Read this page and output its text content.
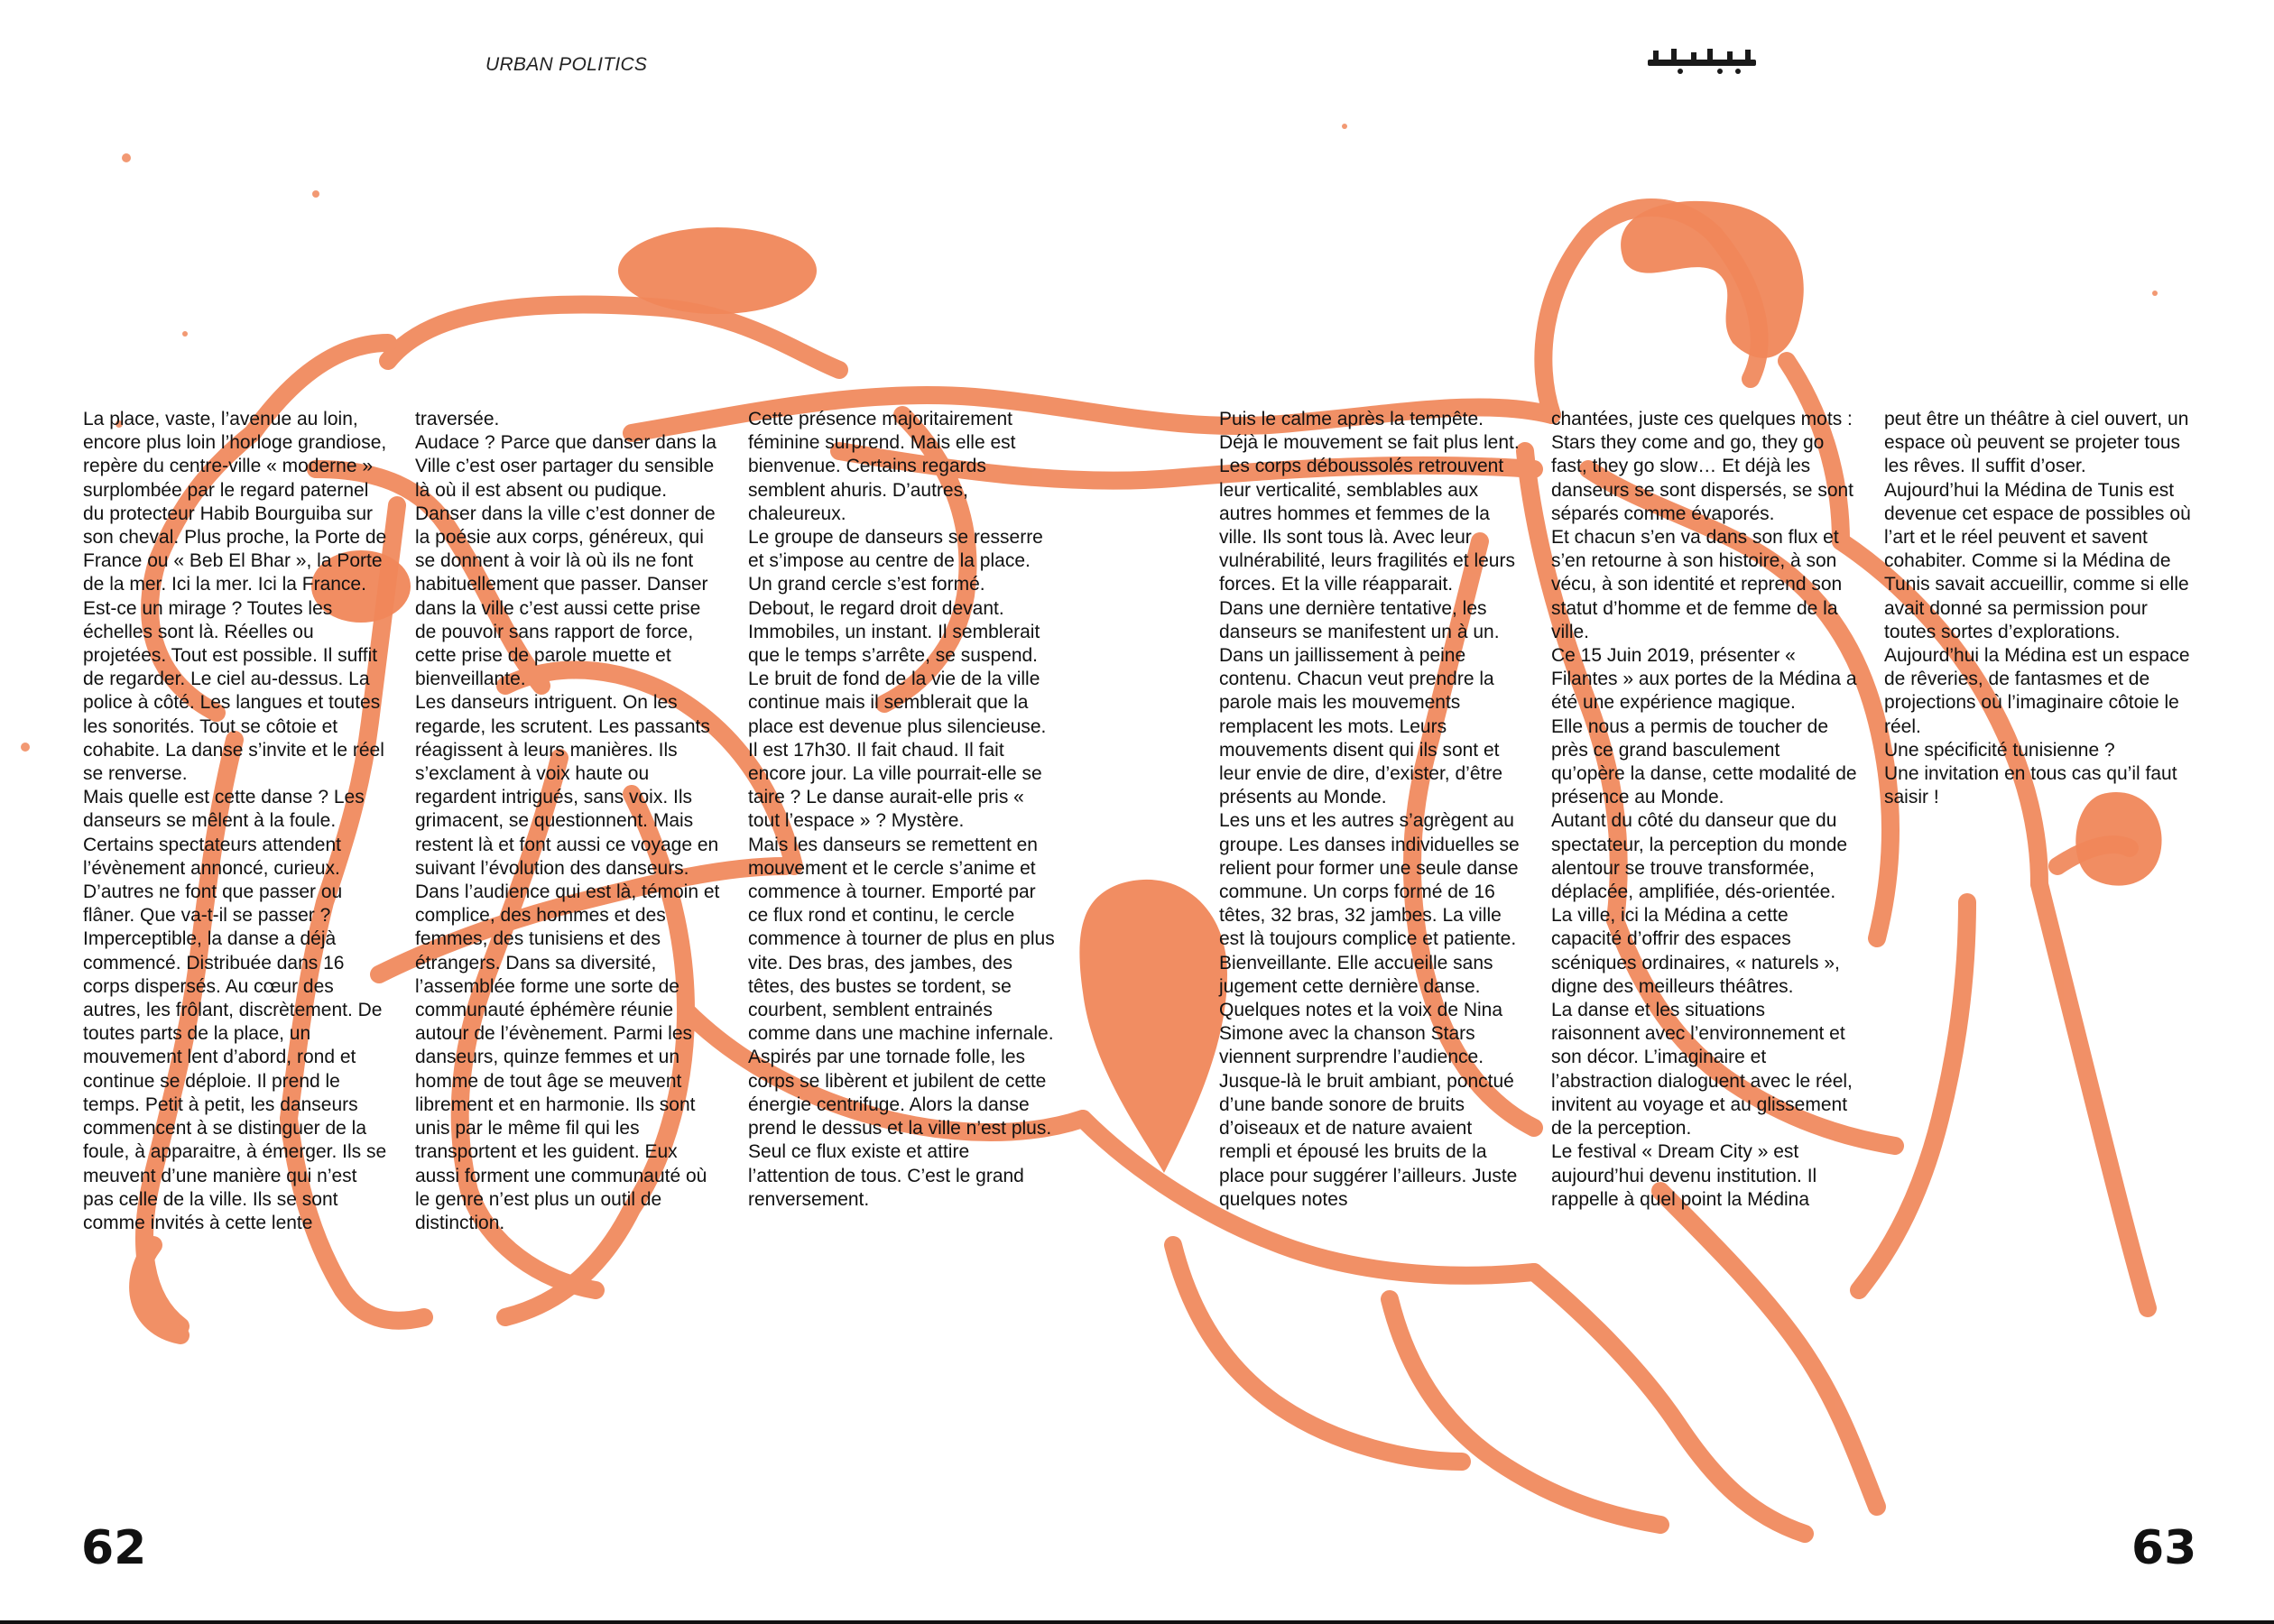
URBAN POLITICS

La place, vaste, l’avenue au loin, encore plus loin l’horloge grandiose, repère du centre-ville « moderne » surplombée par le regard paternel du protecteur Habib Bourguiba sur son cheval. Plus proche, la Porte de France ou « Beb El Bhar », la Porte de la mer. Ici la mer. Ici la France. Est-ce un mirage ? Toutes les échelles sont là. Réelles ou projetées. Tout est possible. Il suffit de regarder. Le ciel au-dessus. La police à côté. Les langues et toutes les sonorités. Tout se côtoie et cohabite. La danse s’invite et le réel se renverse.

Mais quelle est cette danse ? Les danseurs se mêlent à la foule. Certains spectateurs attendent l’évènement annoncé, curieux. D’autres ne font que passer ou flâner. Que va-t-il se passer ? Imperceptible, la danse a déjà commencé. Distribuée dans 16 corps dispersés. Au cœur des autres, les frôlant, discrètement. De toutes parts de la place, un mouvement lent d’abord, rond et continue se déploie. Il prend le temps. Petit à petit, les danseurs commencent à se distinguer de la foule, à apparaitre, à émerger. Ils se meuvent d’une manière qui n’est pas celle de la ville. Ils se sont comme invités à cette lente

traversée.

Audace ? Parce que danser dans la Ville c’est oser partager du sensible là où il est absent ou pudique. Danser dans la ville c’est donner de la poésie aux corps, généreux, qui se donnent à voir là où ils ne font habituellement que passer. Danser dans la ville c’est aussi cette prise de pouvoir sans rapport de force, cette prise de parole muette et bienveillante.

Les danseurs intriguent. On les regarde, les scrutent. Les passants réagissent à leurs manières. Ils s’exclament à voix haute ou regardent intrigués, sans voix. Ils grimacent, se questionnent. Mais restent là et font aussi ce voyage en suivant l’évolution des danseurs.

Dans l’audience qui est là, témoin et complice, des hommes et des femmes, des tunisiens et des étrangers. Dans sa diversité, l’assemblée forme une sorte de communauté éphémère réunie autour de l’évènement. Parmi les danseurs, quinze femmes et un homme de tout âge se meuvent librement et en harmonie. Ils sont unis par le même fil qui les transportent et les guident. Eux aussi forment une communauté où le genre n’est plus un outil de distinction.

Cette présence majoritairement féminine surprend. Mais elle est bienvenue. Certains regards semblent ahuris. D’autres, chaleureux.

Le groupe de danseurs se resserre et s’impose au centre de la place. Un grand cercle s’est formé. Debout, le regard droit devant. Immobiles, un instant. Il semblerait que le temps s’arrête, se suspend. Le bruit de fond de la vie de la ville continue mais il semblerait que la place est devenue plus silencieuse. Il est 17h30. Il fait chaud. Il fait encore jour. La ville pourrait-elle se taire ? Le danse aurait-elle pris « tout l’espace » ? Mystère.

Mais les danseurs se remettent en mouvement et le cercle s’anime et commence à tourner. Emporté par ce flux rond et continu, le cercle commence à tourner de plus en plus vite. Des bras, des jambes, des têtes, des bustes se tordent, se courbent, semblent entrainés comme dans une machine infernale. Aspirés par une tornade folle, les corps se libèrent et jubilent de cette énergie centrifuge. Alors la danse prend le dessus et la ville n’est plus. Seul ce flux existe et attire l’attention de tous. C’est le grand renversement.

Puis le calme après la tempête. Déjà le mouvement se fait plus lent. Les corps déboussolés retrouvent leur verticalité, semblables aux autres hommes et femmes de la ville. Ils sont tous là. Avec leur vulnérabilité, leurs fragilités et leurs forces. Et la ville réapparait.

Dans une dernière tentative, les danseurs se manifestent un à un. Dans un jaillissement à peine contenu. Chacun veut prendre la parole mais les mouvements remplacent les mots. Leurs mouvements disent qui ils sont et leur envie de dire, d’exister, d’être présents au Monde.

Les uns et les autres s’agrègent au groupe. Les danses individuelles se relient pour former une seule danse commune. Un corps formé de 16 têtes, 32 bras, 32 jambes. La ville est là toujours complice et patiente. Bienveillante. Elle accueille sans jugement cette dernière danse. Quelques notes et la voix de Nina Simone avec la chanson Stars viennent surprendre l’audience.

Jusque-là le bruit ambiant, ponctué d’une bande sonore de bruits d’oiseaux et de nature avaient rempli et épousé les bruits de la place pour suggérer l’ailleurs. Juste quelques notes

chantées, juste ces quelques mots :

Stars they come and go, they go fast, they go slow… Et déjà les danseurs se sont dispersés, se sont séparés comme évaporés.

Et chacun s’en va dans son flux et s’en retourne à son histoire, à son vécu, à son identité et reprend son statut d’homme et de femme de la ville.

Ce 15 Juin 2019, présenter « Filantes » aux portes de la Médina a été une expérience magique.

Elle nous a permis de toucher de près ce grand basculement qu’opère la danse, cette modalité de présence au Monde.

Autant du côté du danseur que du spectateur, la perception du monde alentour se trouve transformée, déplacée, amplifiée, dés-orientée.

La ville, ici la Médina a cette capacité d’offrir des espaces scéniques ordinaires, « naturels », digne des meilleurs théâtres.

La danse et les situations raisonnent avec l’environnement et son décor. L’imaginaire et l’abstraction dialoguent avec le réel, invitent au voyage et au glissement de la perception.

Le festival « Dream City » est aujourd’hui devenu institution. Il rappelle à quel point la Médina

peut être un théâtre à ciel ouvert, un espace où peuvent se projeter tous les rêves. Il suffit d’oser.

Aujourd’hui la Médina de Tunis est devenue cet espace de possibles où l’art et le réel peuvent et savent cohabiter. Comme si la Médina de Tunis savait accueillir, comme si elle avait donné sa permission pour toutes sortes d’explorations. Aujourd’hui la Médina est un espace de rêveries, de fantasmes et de projections où l’imaginaire côtoie le réel.

Une spécificité tunisienne ?

Une invitation en tous cas qu’il faut saisir !

62	63
